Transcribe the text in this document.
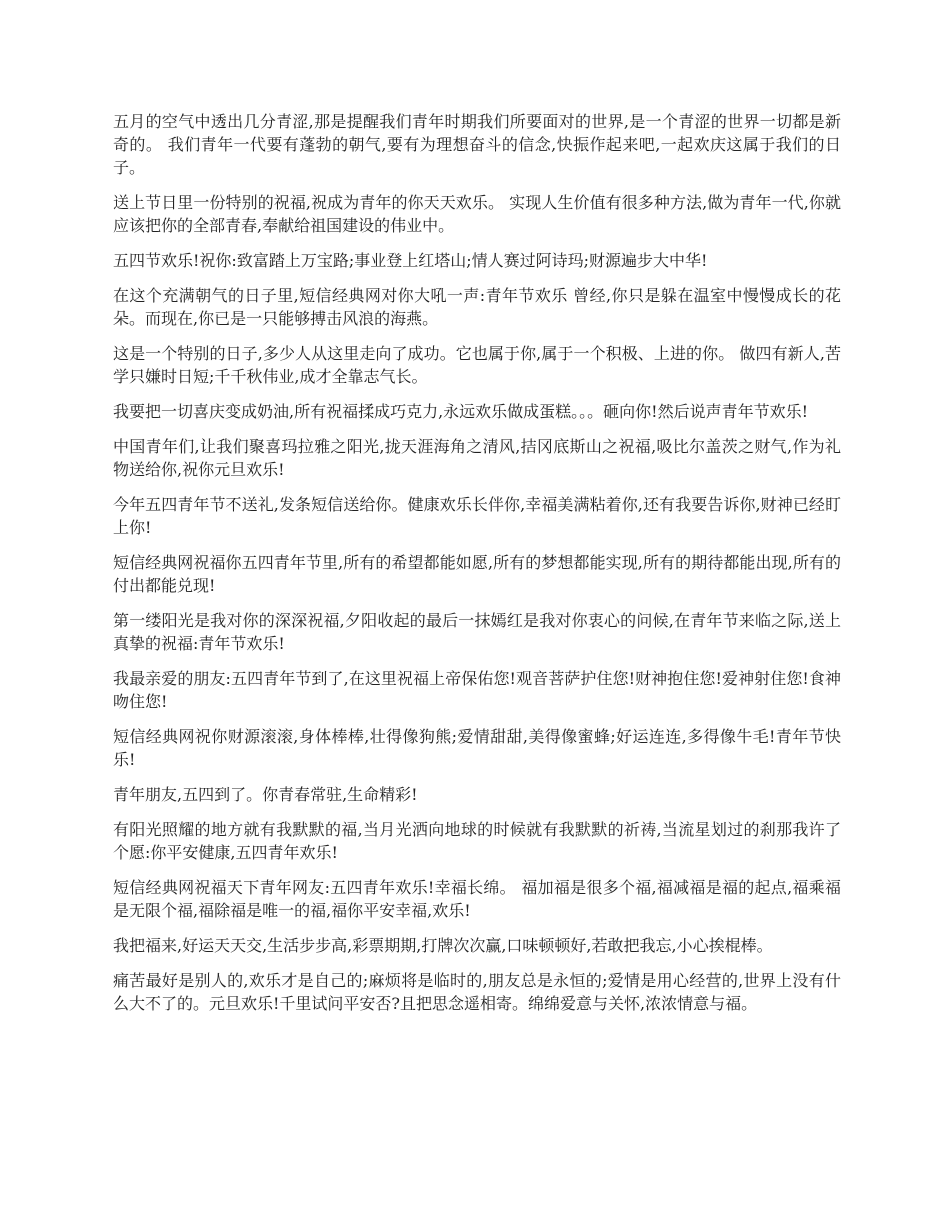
五月的空气中透出几分青涩,那是提醒我们青年时期我们所要面对的世界,是一个青涩的世界一切都是新奇的。 我们青年一代要有蓬勃的朝气,要有为理想奋斗的信念,快振作起来吧,一起欢庆这属于我们的日子。

送上节日里一份特别的祝福,祝成为青年的你天天欢乐。 实现人生价值有很多种方法,做为青年一代,你就应该把你的全部青春,奉献给祖国建设的伟业中。

五四节欢乐!祝你:致富踏上万宝路;事业登上红塔山;情人赛过阿诗玛;财源遍步大中华!

在这个充满朝气的日子里,短信经典网对你大吼一声:青年节欢乐 曾经,你只是躲在温室中慢慢成长的花朵。而现在,你已是一只能够搏击风浪的海燕。

这是一个特别的日子,多少人从这里走向了成功。它也属于你,属于一个积极、上进的你。 做四有新人,苦学只嫌时日短;千千秋伟业,成才全靠志气长。

我要把一切喜庆变成奶油,所有祝福揉成巧克力,永远欢乐做成蛋糕。。。砸向你!然后说声青年节欢乐!

中国青年们,让我们聚喜玛拉雅之阳光,拢天涯海角之清风,拮冈底斯山之祝福,吸比尔盖茨之财气,作为礼物送给你,祝你元旦欢乐!

今年五四青年节不送礼,发条短信送给你。健康欢乐长伴你,幸福美满粘着你,还有我要告诉你,财神已经盯上你!

短信经典网祝福你五四青年节里,所有的希望都能如愿,所有的梦想都能实现,所有的期待都能出现,所有的付出都能兑现!

第一缕阳光是我对你的深深祝福,夕阳收起的最后一抹嫣红是我对你衷心的问候,在青年节来临之际,送上真挚的祝福:青年节欢乐!

我最亲爱的朋友:五四青年节到了,在这里祝福上帝保佑您!观音菩萨护住您!财神抱住您!爱神射住您!食神吻住您!

短信经典网祝你财源滚滚,身体棒棒,壮得像狗熊;爱情甜甜,美得像蜜蜂;好运连连,多得像牛毛!青年节快乐!

青年朋友,五四到了。你青春常驻,生命精彩!

有阳光照耀的地方就有我默默的福,当月光洒向地球的时候就有我默默的祈祷,当流星划过的刹那我许了个愿:你平安健康,五四青年欢乐!

短信经典网祝福天下青年网友:五四青年欢乐!幸福长绵。 福加福是很多个福,福减福是福的起点,福乘福是无限个福,福除福是唯一的福,福你平安幸福,欢乐!

我把福来,好运天天交,生活步步高,彩票期期,打牌次次赢,口味顿顿好,若敢把我忘,小心挨棍棒。

痛苦最好是别人的,欢乐才是自己的;麻烦将是临时的,朋友总是永恒的;爱情是用心经营的,世界上没有什么大不了的。元旦欢乐!千里试问平安否?且把思念遥相寄。绵绵爱意与关怀,浓浓情意与福。
